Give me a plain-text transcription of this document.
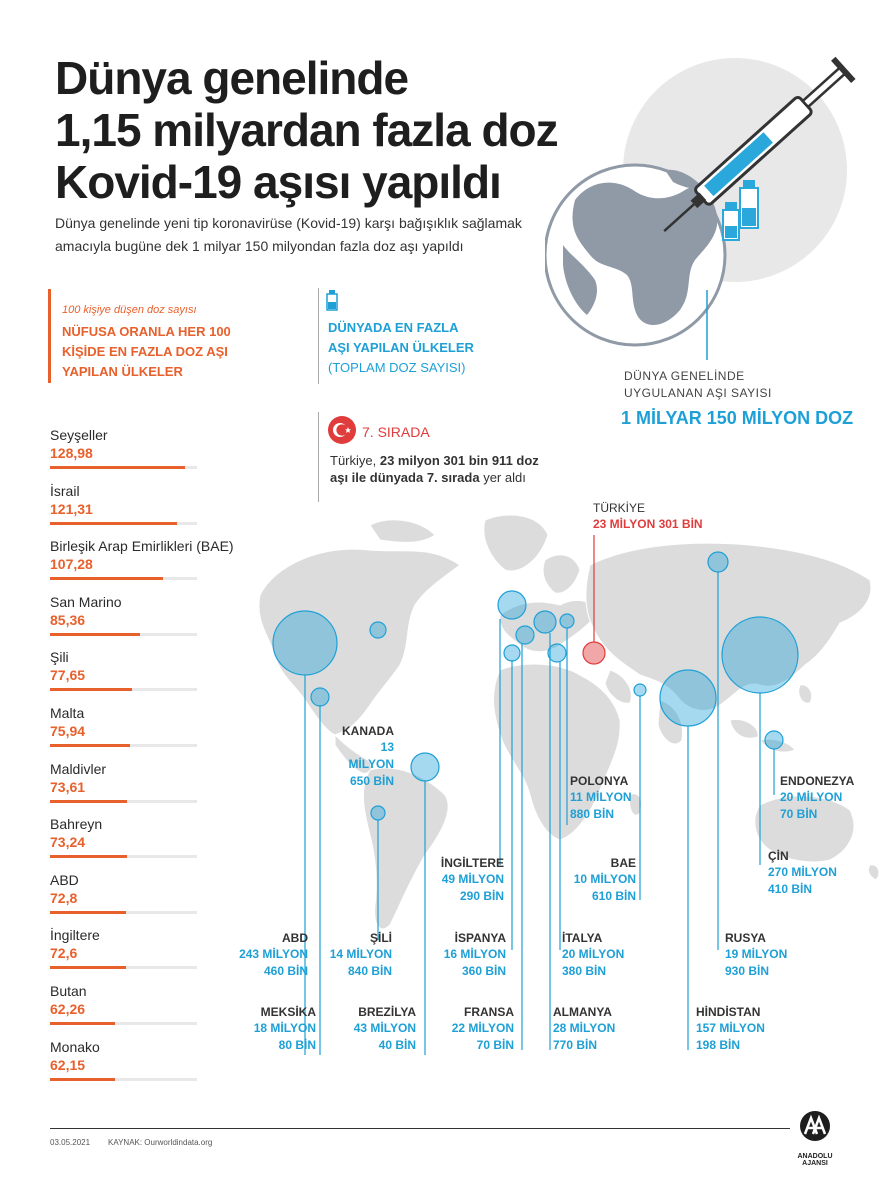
Dünya genelinde
1,15 milyardan fazla doz
Kovid-19 aşısı yapıldı
Dünya genelinde yeni tip koronavirüse (Kovid-19) karşı bağışıklık sağlamak
amacıyla bugüne dek 1 milyar 150 milyondan fazla doz aşı yapıldı
DÜNYA GENELİNDE
UYGULANAN AŞI SAYISI
1 MİLYAR 150 MİLYON DOZ
100 kişiye düşen doz sayısı
NÜFUSA ORANLA HER 100
KİŞİDE EN FAZLA DOZ AŞI
YAPILAN ÜLKELER
DÜNYADA EN FAZLA
AŞI YAPILAN ÜLKELER
(TOPLAM DOZ SAYISI)
7. SIRADA
Türkiye, 23 milyon 301 bin 911 doz aşı ile dünyada 7. sırada yer aldı
Seyşeller
128,98
İsrail
121,31
Birleşik Arap Emirlikleri (BAE)
107,28
San Marino
85,36
Şili
77,65
Malta
75,94
Maldivler
73,61
Bahreyn
73,24
ABD
72,8
İngiltere
72,6
Butan
62,26
Monako
62,15
TÜRKİYE
23 MİLYON 301 BİN
KANADA
13 MİLYON
650 BİN
ABD
243 MİLYON
460 BİN
ŞİLİ
14 MİLYON
840 BİN
MEKSİKA
18 MİLYON
80 BİN
BREZİLYA
43 MİLYON
40 BİN
İNGİLTERE
49 MİLYON
290 BİN
İSPANYA
16 MİLYON
360 BİN
FRANSA
22 MİLYON
70 BİN
POLONYA
11 MİLYON
880 BİN
BAE
10 MİLYON
610 BİN
İTALYA
20 MİLYON
380 BİN
ALMANYA
28 MİLYON
770 BİN
ENDONEZYA
20 MİLYON
70 BİN
ÇİN
270 MİLYON
410 BİN
RUSYA
19 MİLYON
930 BİN
HİNDİSTAN
157 MİLYON
198 BİN
03.05.2021 KAYNAK: Ourworldindata.org
ANADOLU AJANSI
